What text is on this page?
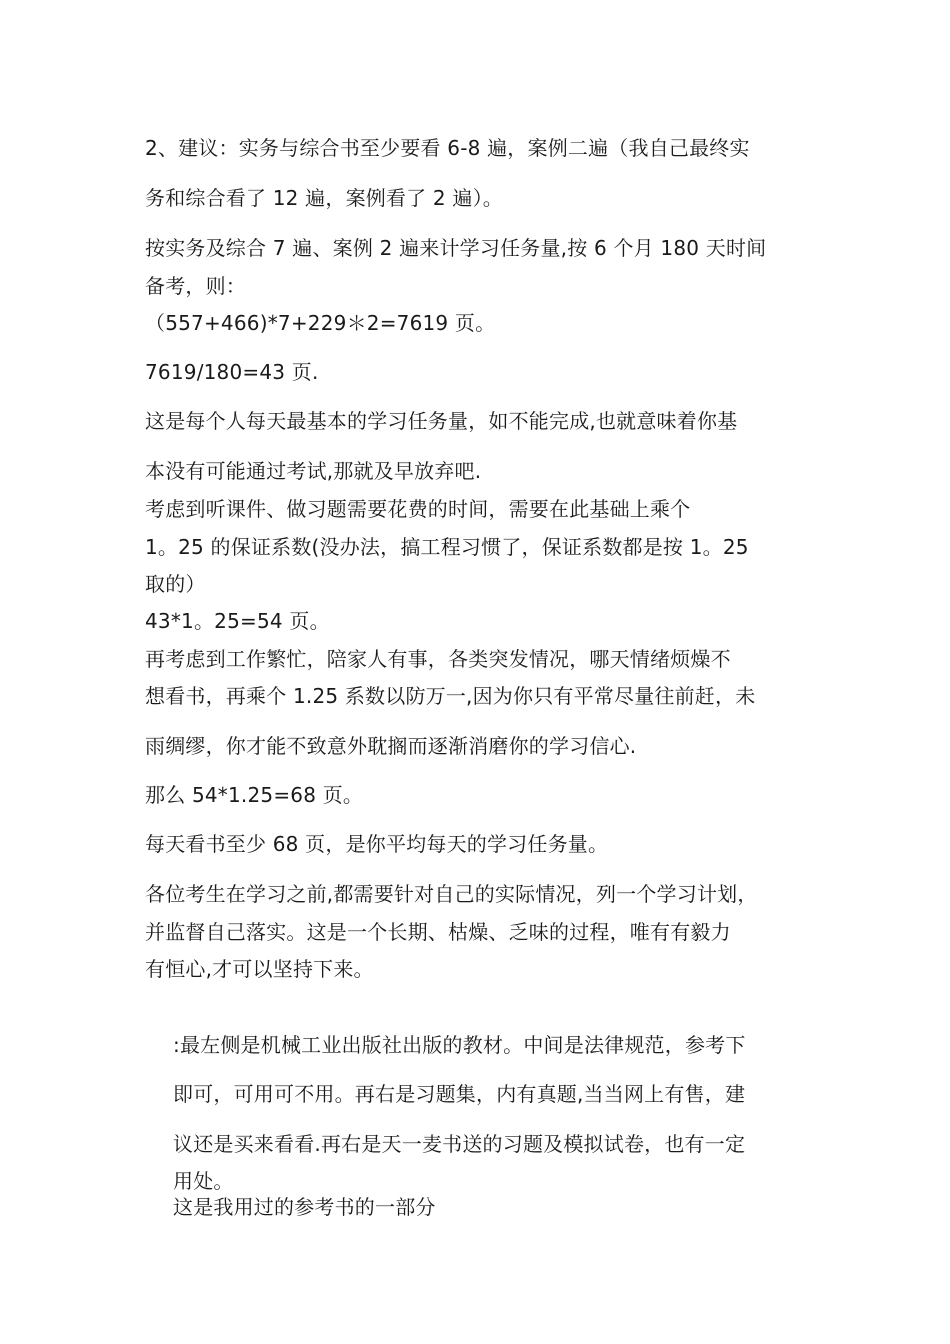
2、建议：实务与综合书至少要看 6-8 遍，案例二遍（我自己最终实
务和综合看了 12 遍，案例看了 2 遍）。
按实务及综合 7 遍、案例 2 遍来计学习任务量,按 6 个月 180 天时间
备考，则：
（557+466)*7+229＊2=7619 页。
7619/180=43 页.
这是每个人每天最基本的学习任务量，如不能完成,也就意味着你基
本没有可能通过考试,那就及早放弃吧.
考虑到听课件、做习题需要花费的时间，需要在此基础上乘个
1。25 的保证系数(没办法，搞工程习惯了，保证系数都是按 1。25
取的）
43*1。25=54 页。
再考虑到工作繁忙，陪家人有事，各类突发情况，哪天情绪烦燥不
想看书，再乘个 1.25 系数以防万一,因为你只有平常尽量往前赶，未
雨绸缪，你才能不致意外耽搁而逐渐消磨你的学习信心.
那么 54*1.25=68 页。
每天看书至少 68 页，是你平均每天的学习任务量。
各位考生在学习之前,都需要针对自己的实际情况，列一个学习计划，
并监督自己落实。这是一个长期、枯燥、乏味的过程，唯有有毅力
有恒心,才可以坚持下来。
:最左侧是机械工业出版社出版的教材。中间是法律规范，参考下
即可，可用可不用。再右是习题集，内有真题,当当网上有售，建
议还是买来看看.再右是天一麦书送的习题及模拟试卷，也有一定
用处。
这是我用过的参考书的一部分
